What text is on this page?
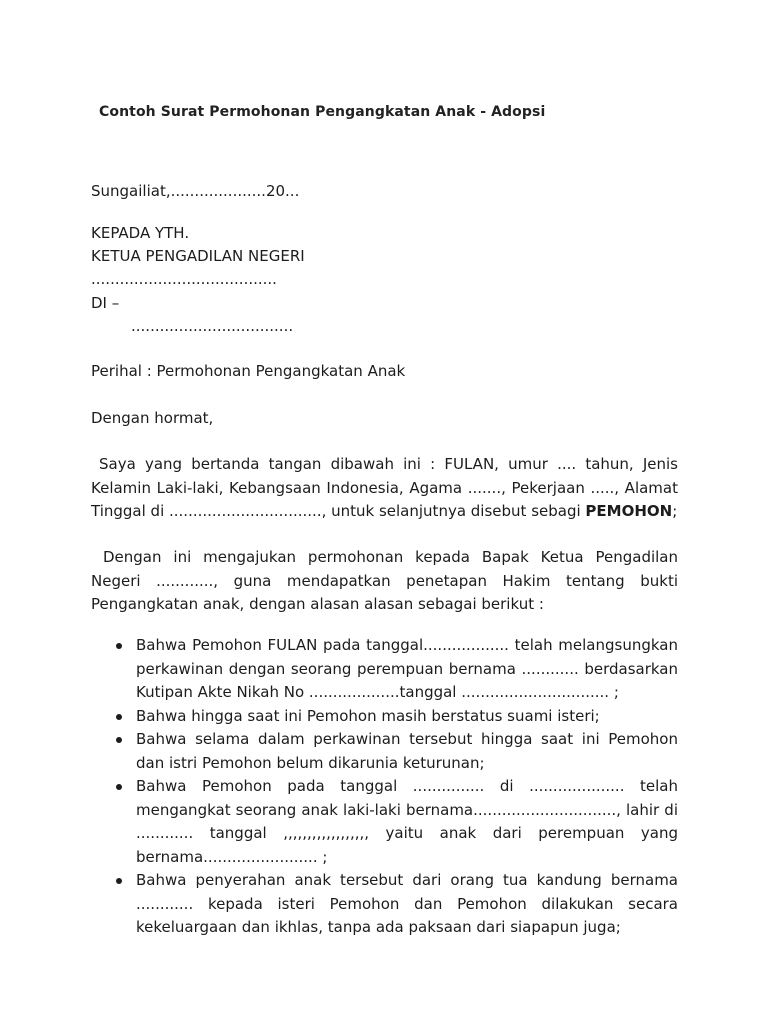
Contoh Surat Permohonan Pengangkatan Anak - Adopsi
Sungailiat,....................20...
KEPADA YTH.
KETUA PENGADILAN NEGERI
.......................................
DI –
..................................
Perihal : Permohonan Pengangkatan Anak
Dengan hormat,
Saya yang bertanda tangan dibawah ini : FULAN, umur .... tahun, Jenis Kelamin Laki-laki, Kebangsaan Indonesia, Agama ......., Pekerjaan ....., Alamat Tinggal di ................................, untuk selanjutnya disebut sebagi PEMOHON;
Dengan ini mengajukan permohonan kepada Bapak Ketua Pengadilan Negeri ............, guna mendapatkan penetapan Hakim tentang bukti Pengangkatan anak, dengan alasan alasan sebagai berikut :
Bahwa Pemohon FULAN pada tanggal.................. telah melangsungkan perkawinan dengan seorang perempuan bernama ............ berdasarkan Kutipan Akte Nikah No ...................tanggal ............................... ;
Bahwa hingga saat ini Pemohon masih berstatus suami isteri;
Bahwa selama dalam perkawinan tersebut hingga saat ini Pemohon dan istri Pemohon belum dikarunia keturunan;
Bahwa Pemohon pada tanggal ............... di .................... telah mengangkat seorang anak laki-laki bernama.............................., lahir di ............ tanggal ,,,,,,,,,,,,,,,,,, yaitu anak dari perempuan yang bernama........................ ;
Bahwa penyerahan anak tersebut dari orang tua kandung bernama ............ kepada isteri Pemohon dan Pemohon dilakukan secara kekeluargaan dan ikhlas, tanpa ada paksaan dari siapapun juga;
